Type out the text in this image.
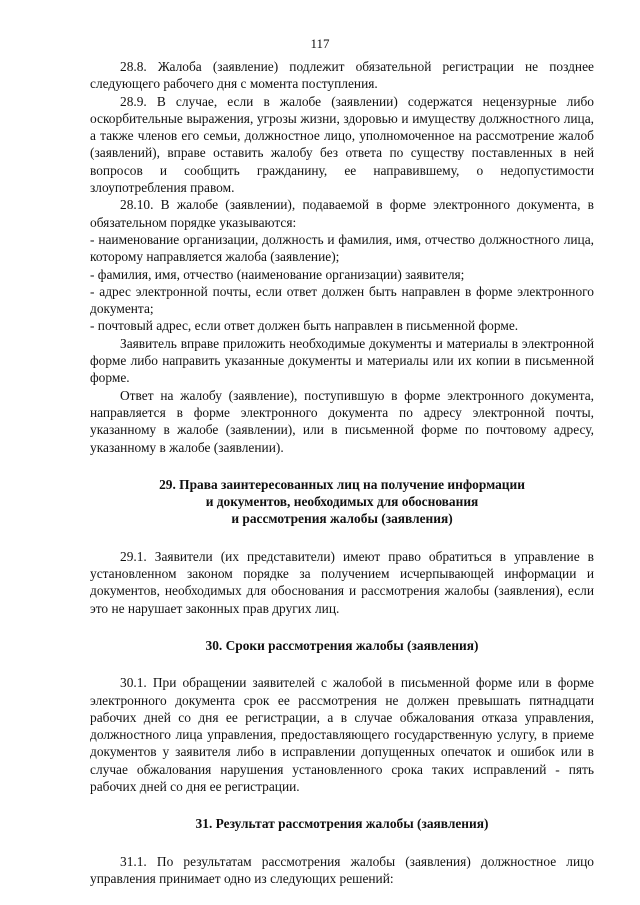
117

28.8. Жалоба (заявление) подлежит обязательной регистрации не позднее следующего рабочего дня с момента поступления.

28.9. В случае, если в жалобе (заявлении) содержатся нецензурные либо оскорбительные выражения, угрозы жизни, здоровью и имуществу должностного лица, а также членов его семьи, должностное лицо, уполномоченное на рассмотрение жалоб (заявлений), вправе оставить жалобу без ответа по существу поставленных в ней вопросов и сообщить гражданину, ее направившему, о недопустимости злоупотребления правом.

28.10. В жалобе (заявлении), подаваемой в форме электронного документа, в обязательном порядке указываются:

- наименование организации, должность и фамилия, имя, отчество должностного лица, которому направляется жалоба (заявление);

- фамилия, имя, отчество (наименование организации) заявителя;

- адрес электронной почты, если ответ должен быть направлен в форме электронного документа;

- почтовый адрес, если ответ должен быть направлен в письменной форме.

Заявитель вправе приложить необходимые документы и материалы в электронной форме либо направить указанные документы и материалы или их копии в письменной форме.

Ответ на жалобу (заявление), поступившую в форме электронного документа, направляется в форме электронного документа по адресу электронной почты, указанному в жалобе (заявлении), или в письменной форме по почтовому адресу, указанному в жалобе (заявлении).

29. Права заинтересованных лиц на получение информации
и документов, необходимых для обоснования
и рассмотрения жалобы (заявления)

29.1. Заявители (их представители) имеют право обратиться в управление в установленном законом порядке за получением исчерпывающей информации и документов, необходимых для обоснования и рассмотрения жалобы (заявления), если это не нарушает законных прав других лиц.

30. Сроки рассмотрения жалобы (заявления)

30.1. При обращении заявителей с жалобой в письменной форме или в форме электронного документа срок ее рассмотрения не должен превышать пятнадцати рабочих дней со дня ее регистрации, а в случае обжалования отказа управления, должностного лица управления, предоставляющего государственную услугу, в приеме документов у заявителя либо в исправлении допущенных опечаток и ошибок или в случае обжалования нарушения установленного срока таких исправлений - пять рабочих дней со дня ее регистрации.

31. Результат рассмотрения жалобы (заявления)

31.1. По результатам рассмотрения жалобы (заявления) должностное лицо управления принимает одно из следующих решений:
